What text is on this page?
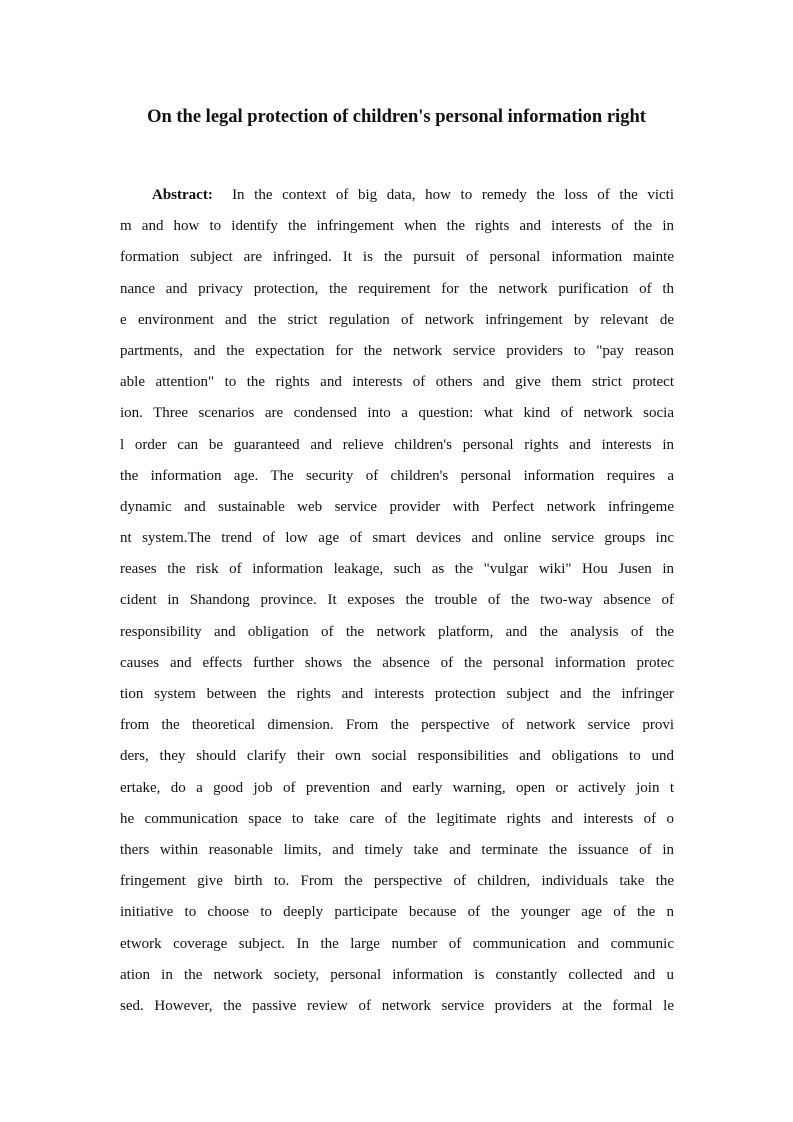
On the legal protection of children's personal information right
Abstract: In the context of big data, how to remedy the loss of the victi
m and how to identify the infringement when the rights and interests of the in
formation subject are infringed. It is the pursuit of personal information mainte
nance and privacy protection, the requirement for the network purification of th
e environment and the strict regulation of network infringement by relevant de
partments, and the expectation for the network service providers to "pay reason
able attention" to the rights and interests of others and give them strict protect
ion. Three scenarios are condensed into a question: what kind of network socia
l order can be guaranteed and relieve children's personal rights and interests in
the information age. The security of children's personal information requires a
dynamic and sustainable web service provider with Perfect network infringeme
nt system.The trend of low age of smart devices and online service groups inc
reases the risk of information leakage, such as the "vulgar wiki" Hou Jusen in
cident in Shandong province. It exposes the trouble of the two-way absence of
responsibility and obligation of the network platform, and the analysis of the
causes and effects further shows the absence of the personal information protec
tion system between the rights and interests protection subject and the infringer
from the theoretical dimension. From the perspective of network service provi
ders, they should clarify their own social responsibilities and obligations to und
ertake, do a good job of prevention and early warning, open or actively join t
he communication space to take care of the legitimate rights and interests of o
thers within reasonable limits, and timely take and terminate the issuance of in
fringement give birth to. From the perspective of children, individuals take the
initiative to choose to deeply participate because of the younger age of the n
etwork coverage subject. In the large number of communication and communic
ation in the network society, personal information is constantly collected and u
sed. However, the passive review of network service providers at the formal le
